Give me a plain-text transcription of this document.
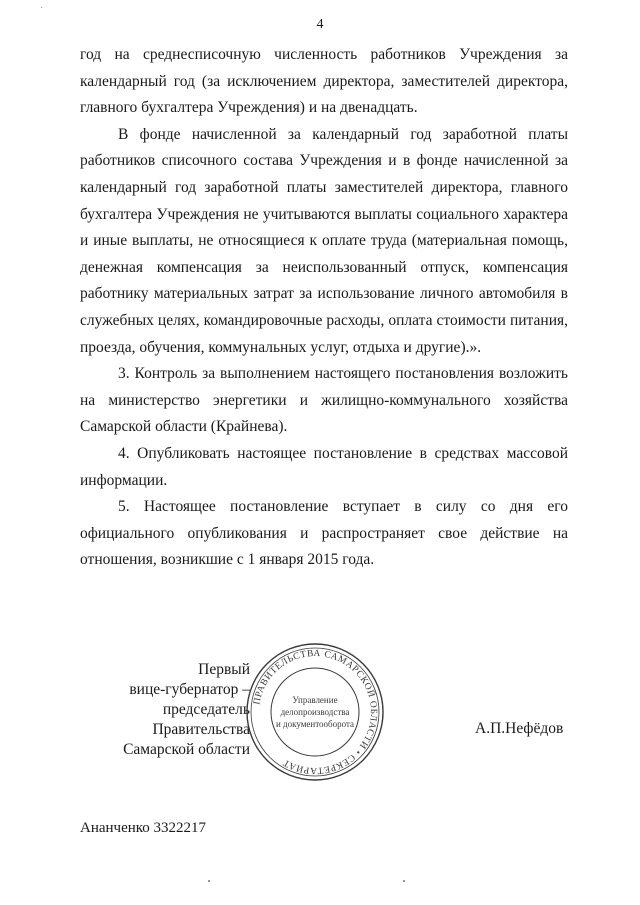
˙
4

год на среднесписочную численность работников Учреждения за календарный год (за исключением директора, заместителей директора, главного бухгалтера Учреждения) и на двенадцать.

В фонде начисленной за календарный год заработной платы работников списочного состава Учреждения и в фонде начисленной за календарный год заработной платы заместителей директора, главного бухгалтера Учреждения не учитываются выплаты социального характера и иные выплаты, не относящиеся к оплате труда (материальная помощь, денежная компенсация за неиспользованный отпуск, компенсация работнику материальных затрат за использование личного автомобиля в служебных целях, командировочные расходы, оплата стоимости питания, проезда, обучения, коммунальных услуг, отдыха и другие).».

3. Контроль за выполнением настоящего постановления возложить на министерство энергетики и жилищно-коммунального хозяйства Самарской области (Крайнева).

4. Опубликовать настоящее постановление в средствах массовой информации.

5. Настоящее постановление вступает в силу со дня его официального опубликования и распространяет свое действие на отношения, возникшие с 1 января 2015 года.

Первый
вице-губернатор –
председатель Правительства
Самарской области
ПРАВИТЕЛЬСТВА САМАРСКОЙ ОБЛАСТИ • СЕКРЕТАРИАТ
Управление
делопроизводства
и документооборота	А.П.Нефёдов
Ананченко 3322217
